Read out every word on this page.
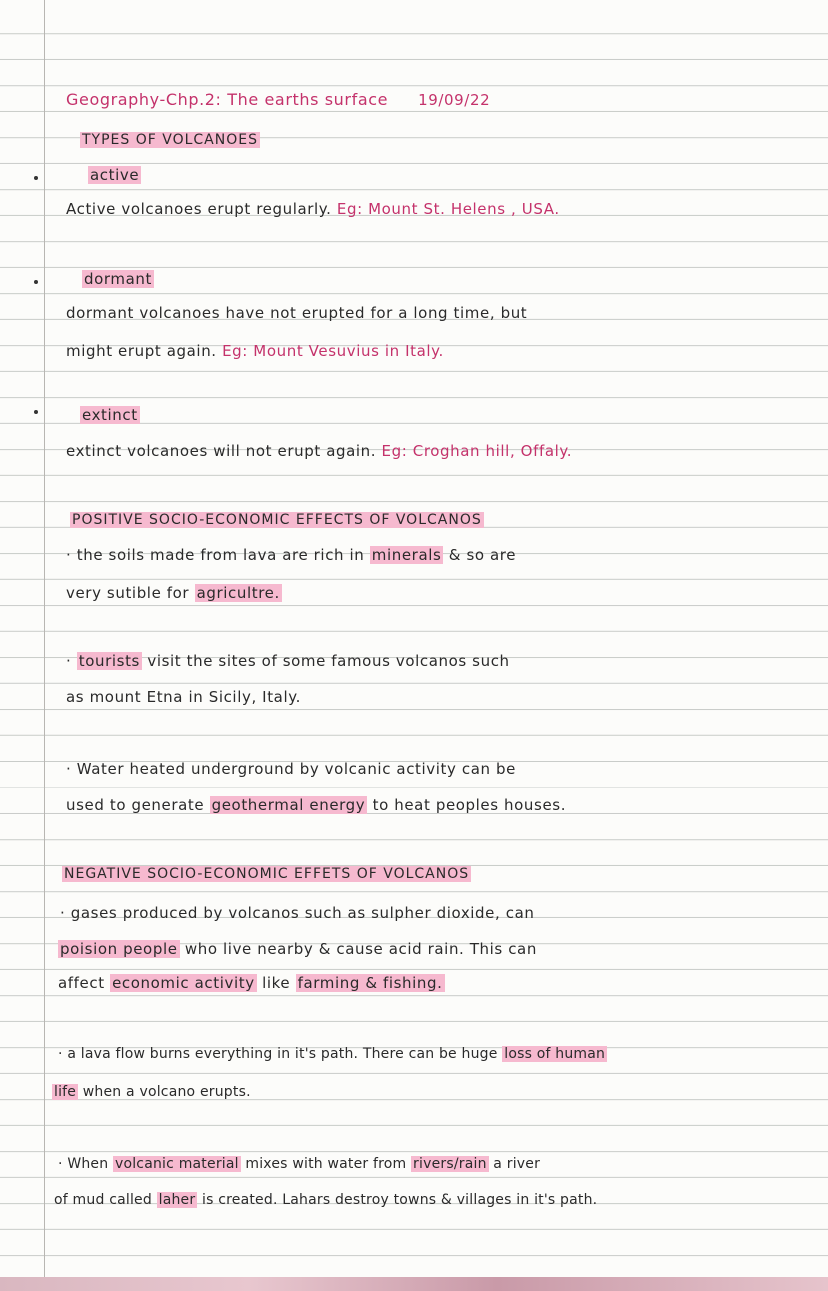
Geography-Chp.2: The earths surface 19/09/22
TYPES OF VOLCANOES
active
Active volcanoes erupt regularly. Eg: Mount St. Helens , USA.
dormant
dormant volcanoes have not erupted for a long time, but
might erupt again. Eg: Mount Vesuvius in Italy.
extinct
extinct volcanoes will not erupt again. Eg: Croghan hill, Offaly.
POSITIVE SOCIO-ECONOMIC EFFECTS OF VOLCANOS
· the soils made from lava are rich in minerals & so are
very sutible for agricultre.
· tourists visit the sites of some famous volcanos such
as mount Etna in Sicily, Italy.
· Water heated underground by volcanic activity can be
used to generate geothermal energy to heat peoples houses.
NEGATIVE SOCIO-ECONOMIC EFFETS OF VOLCANOS
· gases produced by volcanos such as sulpher dioxide, can
poision people who live nearby & cause acid rain. This can
affect economic activity like farming & fishing.
· a lava flow burns everything in it's path. There can be huge loss of human
life when a volcano erupts.
· When volcanic material mixes with water from rivers/rain a river
of mud called laher is created. Lahars destroy towns & villages in it's path.
